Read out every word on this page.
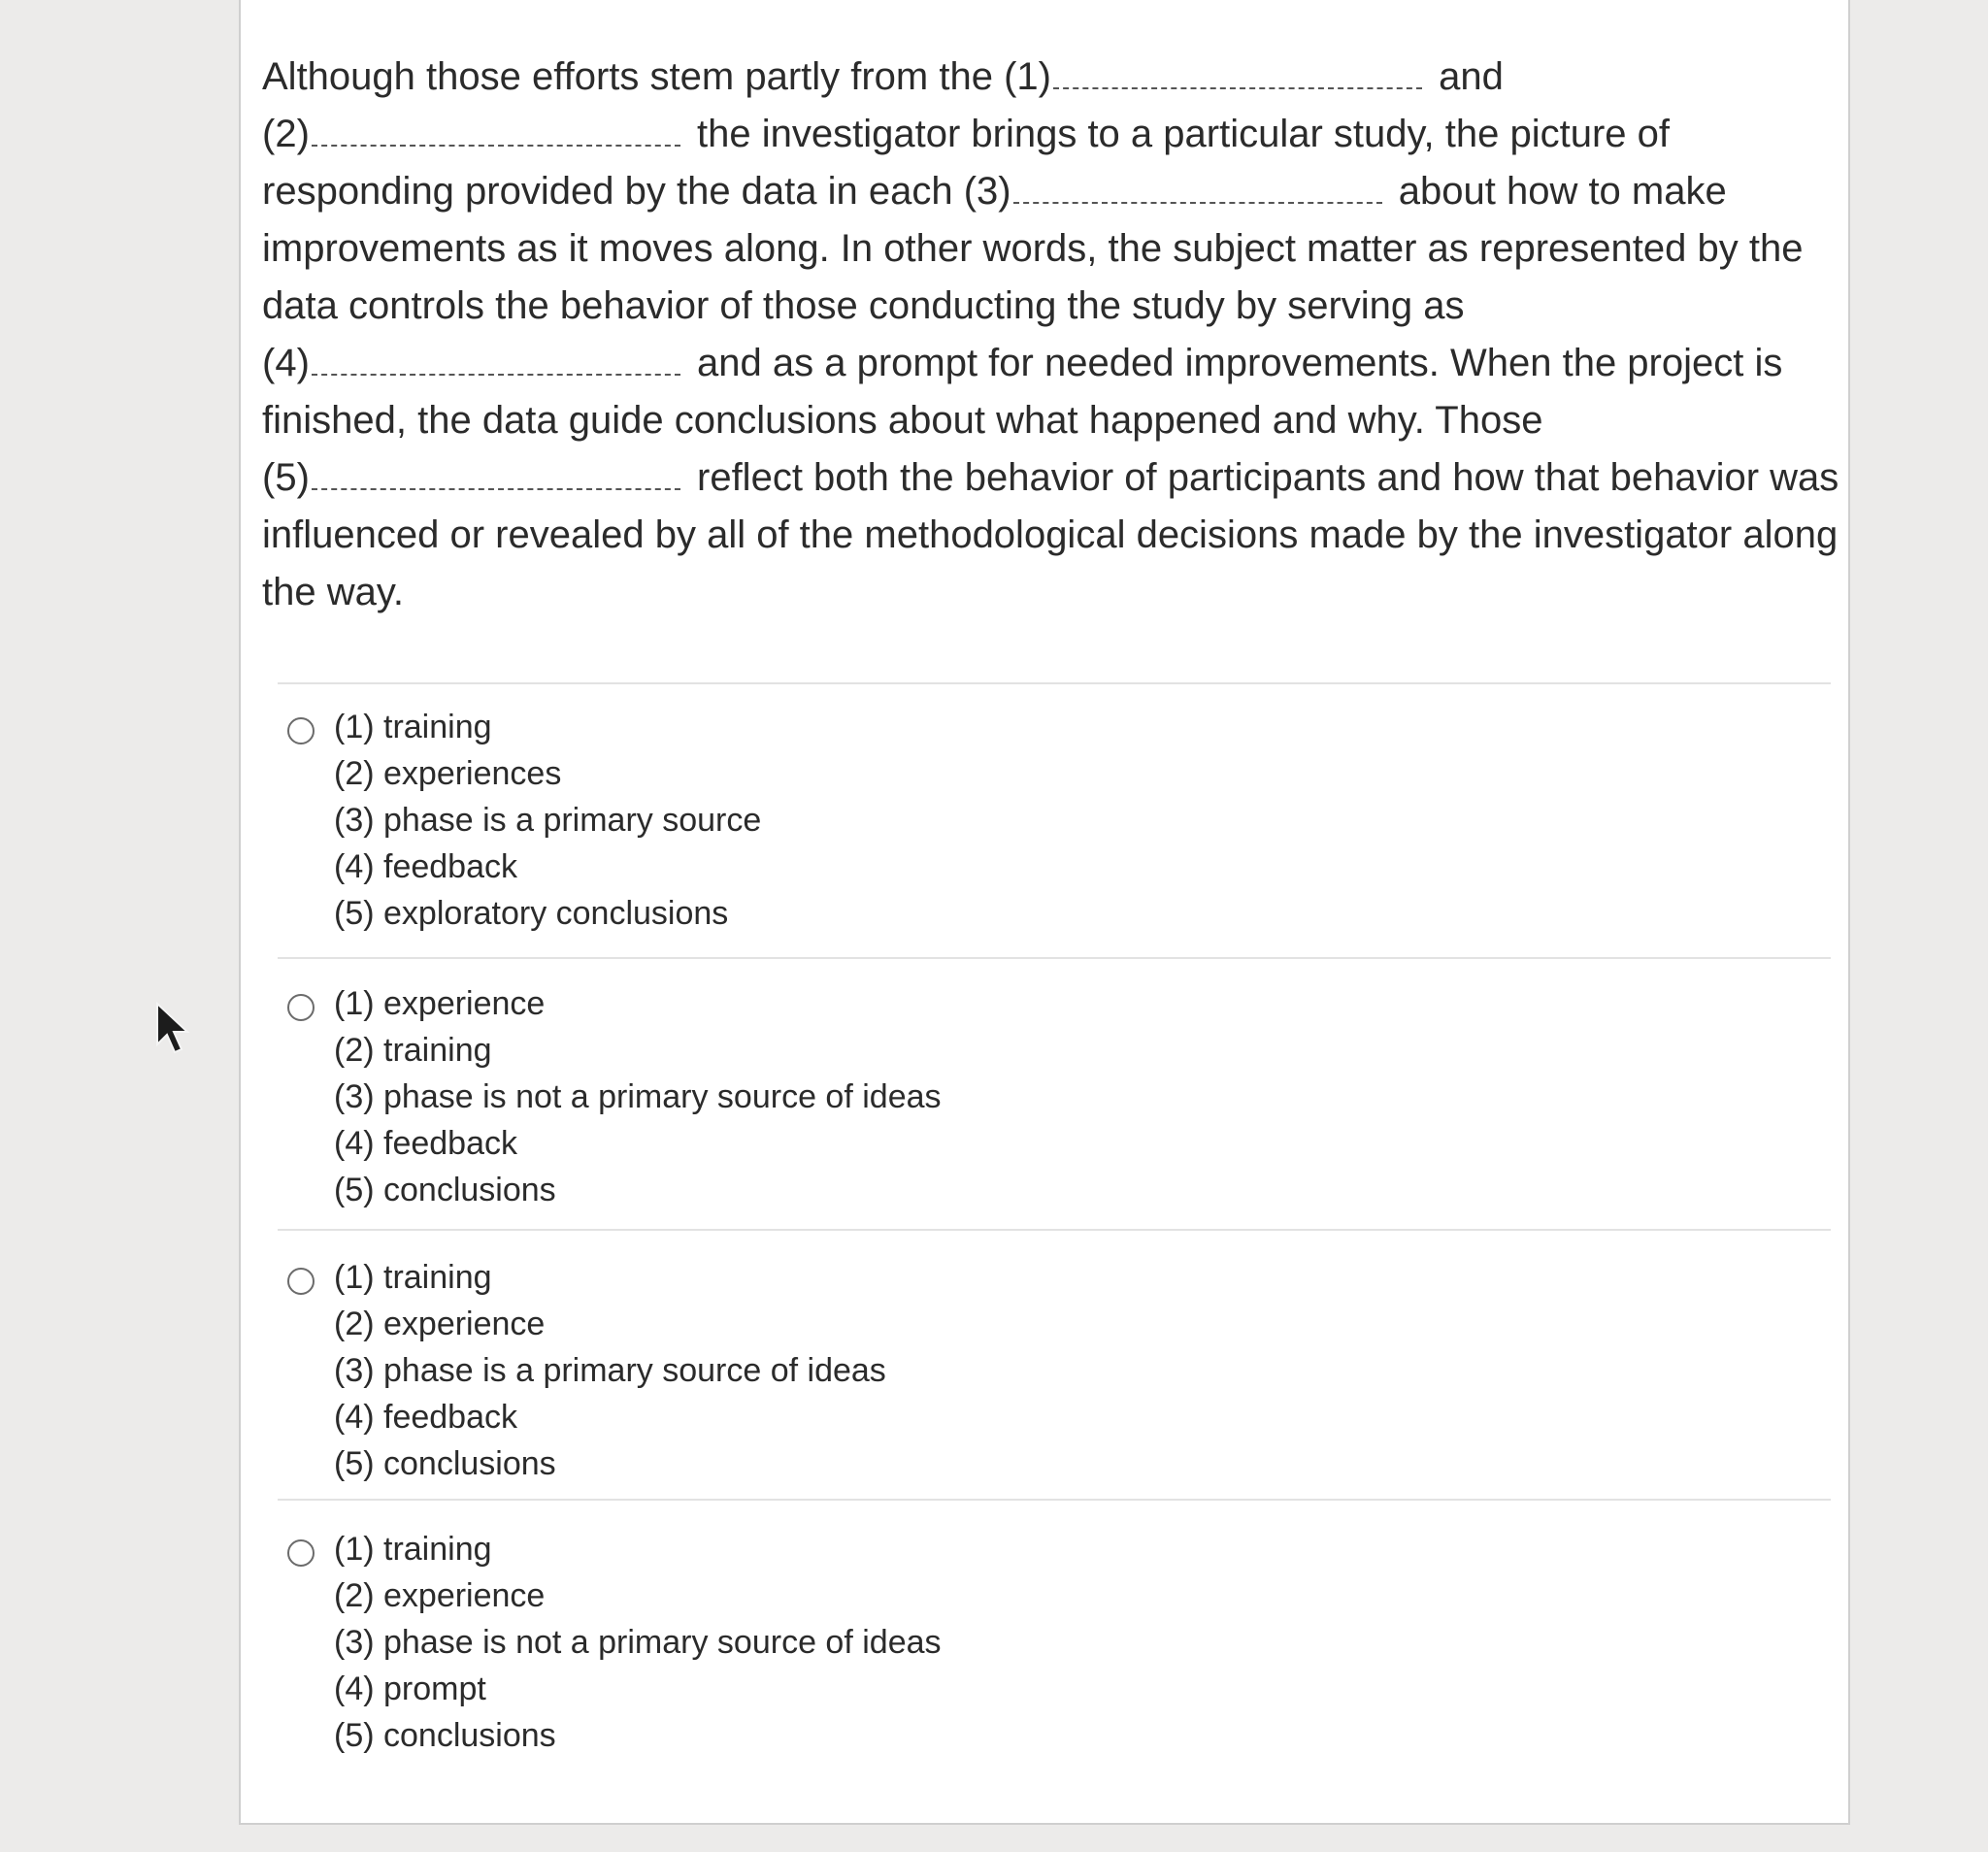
Although those efforts stem partly from the (1)	and
(2)	the investigator brings to a particular study, the picture of
responding provided by the data in each (3)	about how to make
improvements as it moves along. In other words, the subject matter as represented by the
data controls the behavior of those conducting the study by serving as
(4)	and as a prompt for needed improvements. When the project is
finished, the data guide conclusions about what happened and why. Those
(5)	reflect both the behavior of participants and how that behavior was
influenced or revealed by all of the methodological decisions made by the investigator along
the way.
(1) training
(2) experiences
(3) phase is a primary source
(4) feedback
(5) exploratory conclusions
(1) experience
(2) training
(3) phase is not a primary source of ideas
(4) feedback
(5) conclusions
(1) training
(2) experience
(3) phase is a primary source of ideas
(4) feedback
(5) conclusions
(1) training
(2) experience
(3) phase is not a primary source of ideas
(4) prompt
(5) conclusions
